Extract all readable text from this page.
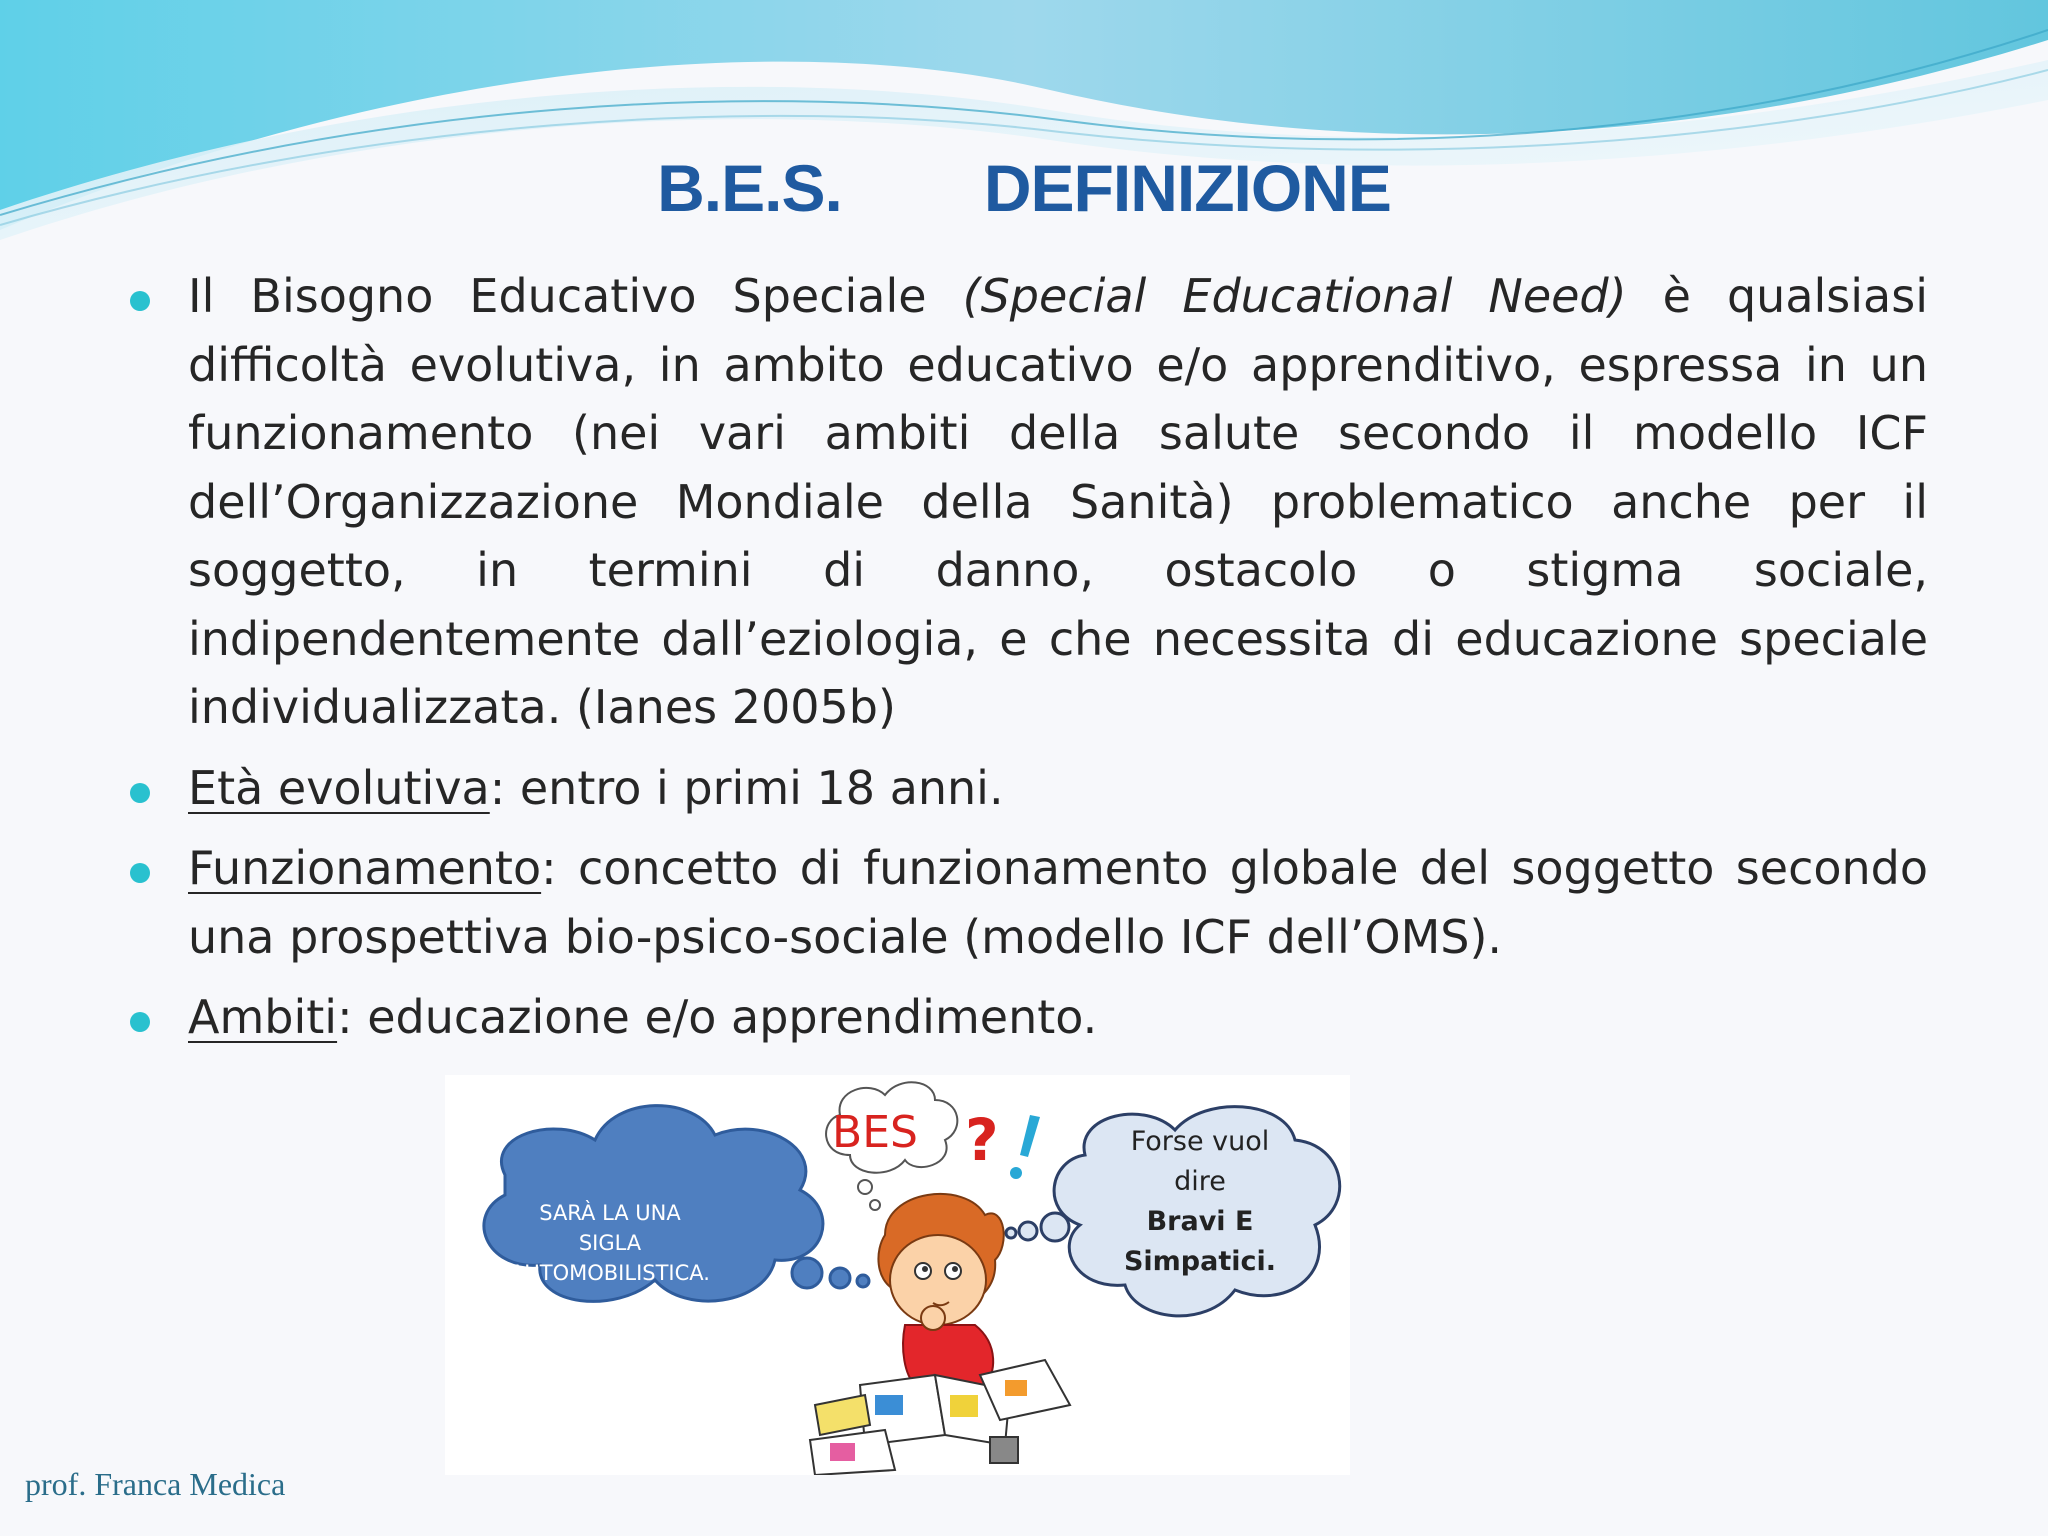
B.E.S.   DEFINIZIONE
Il Bisogno Educativo Speciale (Special Educational Need) è qualsiasi difficoltà evolutiva, in ambito educativo e/o apprenditivo, espressa in un funzionamento (nei vari ambiti della salute secondo il modello ICF dell’Organizzazione Mondiale della Sanità) problematico anche per il soggetto, in termini di danno, ostacolo o stigma sociale, indipendentemente dall’eziologia, e che necessita di educazione speciale individualizzata. (Ianes 2005b)
Età evolutiva: entro i primi 18 anni.
Funzionamento: concetto di funzionamento globale del soggetto secondo una prospettiva bio-psico-sociale (modello ICF dell’OMS).
Ambiti: educazione e/o apprendimento.
SARÀ LA UNA
SIGLA
AUTOMOBILISTICA.
BES ?	Forse vuol
dire
Bravi E
Simpatici.
prof. Franca Medica
